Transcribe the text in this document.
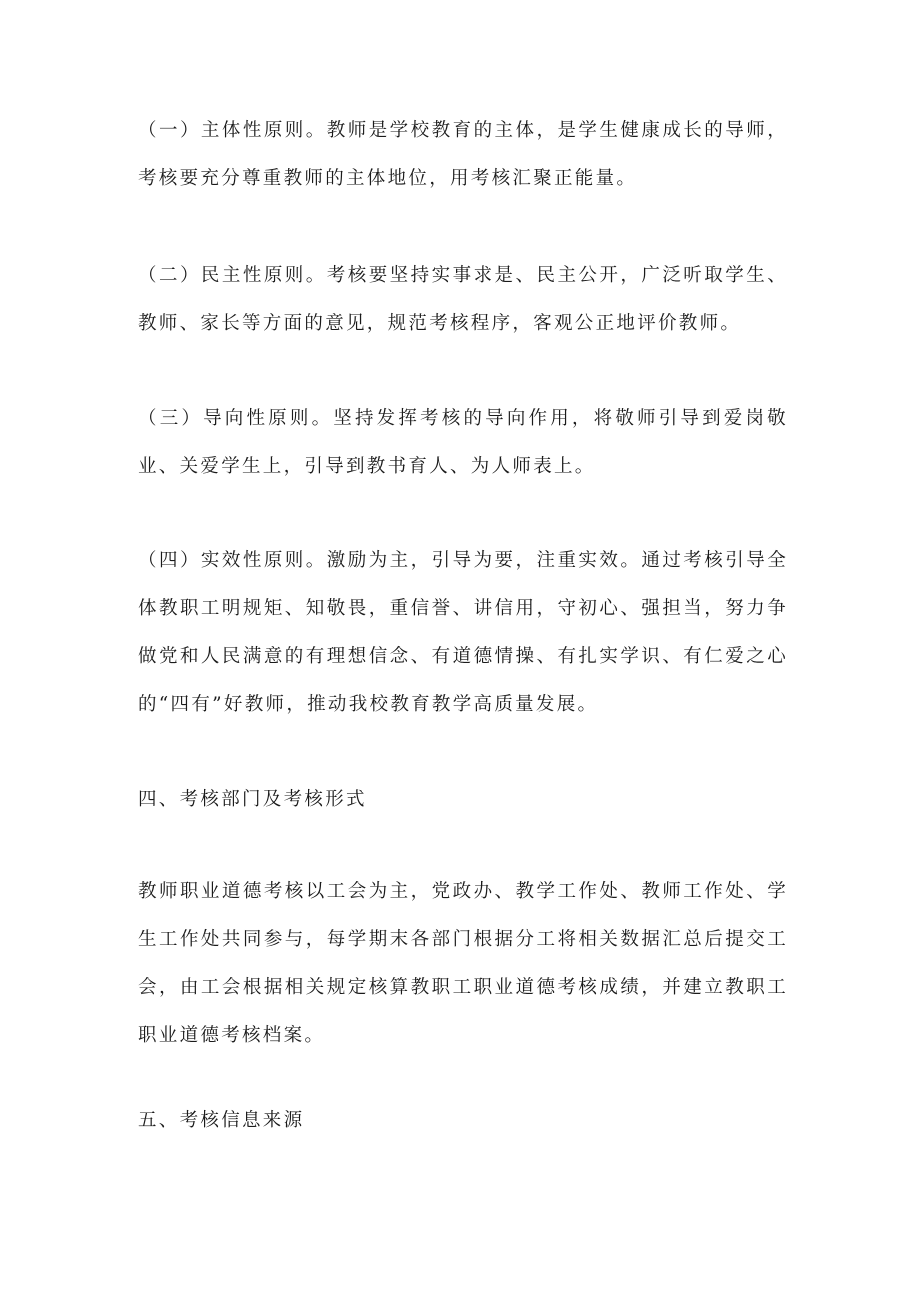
（一）主体性原则。教师是学校教育的主体，是学生健康成长的导师，考核要充分尊重教师的主体地位，用考核汇聚正能量。

（二）民主性原则。考核要坚持实事求是、民主公开，广泛听取学生、教师、家长等方面的意见，规范考核程序，客观公正地评价教师。

（三）导向性原则。坚持发挥考核的导向作用，将敬师引导到爱岗敬业、关爱学生上，引导到教书育人、为人师表上。

（四）实效性原则。激励为主，引导为要，注重实效。通过考核引导全体教职工明规矩、知敬畏，重信誉、讲信用，守初心、强担当，努力争做党和人民满意的有理想信念、有道德情操、有扎实学识、有仁爱之心的“四有”好教师，推动我校教育教学高质量发展。

四、考核部门及考核形式

教师职业道德考核以工会为主，党政办、教学工作处、教师工作处、学生工作处共同参与，每学期末各部门根据分工将相关数据汇总后提交工会，由工会根据相关规定核算教职工职业道德考核成绩，并建立教职工职业道德考核档案。

五、考核信息来源
